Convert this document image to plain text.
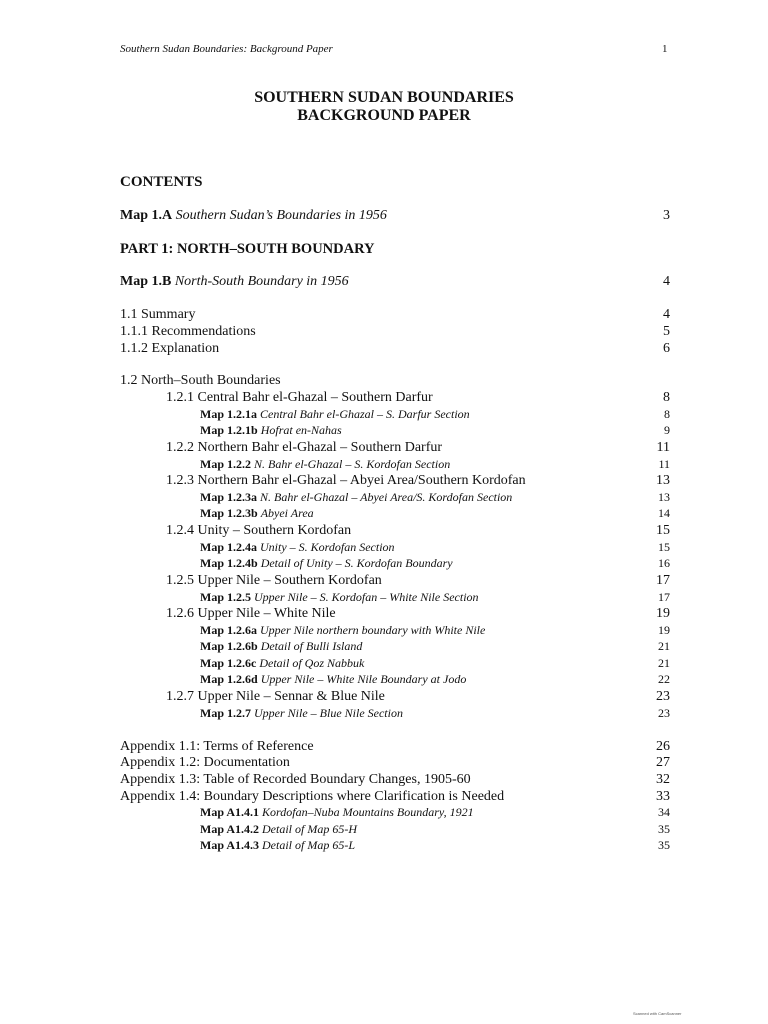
Southern Sudan Boundaries: Background Paper	1
SOUTHERN SUDAN BOUNDARIES
BACKGROUND PAPER
CONTENTS
PART 1: NORTH–SOUTH BOUNDARY
Map 1.A Southern Sudan’s Boundaries in 1956	3
Map 1.B North-South Boundary in 1956	4
1.1 Summary	4
1.1.1 Recommendations	5
1.1.2 Explanation	6
1.2 North–South Boundaries
1.2.1 Central Bahr el-Ghazal – Southern Darfur	8
Map 1.2.1a Central Bahr el-Ghazal – S. Darfur Section	8
Map 1.2.1b Hofrat en-Nahas	9
1.2.2 Northern Bahr el-Ghazal – Southern Darfur	11
Map 1.2.2 N. Bahr el-Ghazal – S. Kordofan Section	11
1.2.3 Northern Bahr el-Ghazal – Abyei Area/Southern Kordofan	13
Map 1.2.3a N. Bahr el-Ghazal – Abyei Area/S. Kordofan Section	13
Map 1.2.3b Abyei Area	14
1.2.4 Unity – Southern Kordofan	15
Map 1.2.4a Unity – S. Kordofan Section	15
Map 1.2.4b Detail of Unity – S. Kordofan Boundary	16
1.2.5 Upper Nile – Southern Kordofan	17
Map 1.2.5 Upper Nile – S. Kordofan – White Nile Section	17
1.2.6 Upper Nile – White Nile	19
Map 1.2.6a Upper Nile northern boundary with White Nile	19
Map 1.2.6b Detail of Bulli Island	21
Map 1.2.6c Detail of Qoz Nabbuk	21
Map 1.2.6d Upper Nile – White Nile Boundary at Jodo	22
1.2.7 Upper Nile – Sennar & Blue Nile	23
Map 1.2.7 Upper Nile – Blue Nile Section	23
Appendix 1.1: Terms of Reference	26
Appendix 1.2: Documentation	27
Appendix 1.3: Table of Recorded Boundary Changes, 1905-60	32
Appendix 1.4: Boundary Descriptions where Clarification is Needed	33
Map A1.4.1 Kordofan–Nuba Mountains Boundary, 1921	34
Map A1.4.2 Detail of Map 65-H	35
Map A1.4.3 Detail of Map 65-L	35
Scanned with CamScanner
